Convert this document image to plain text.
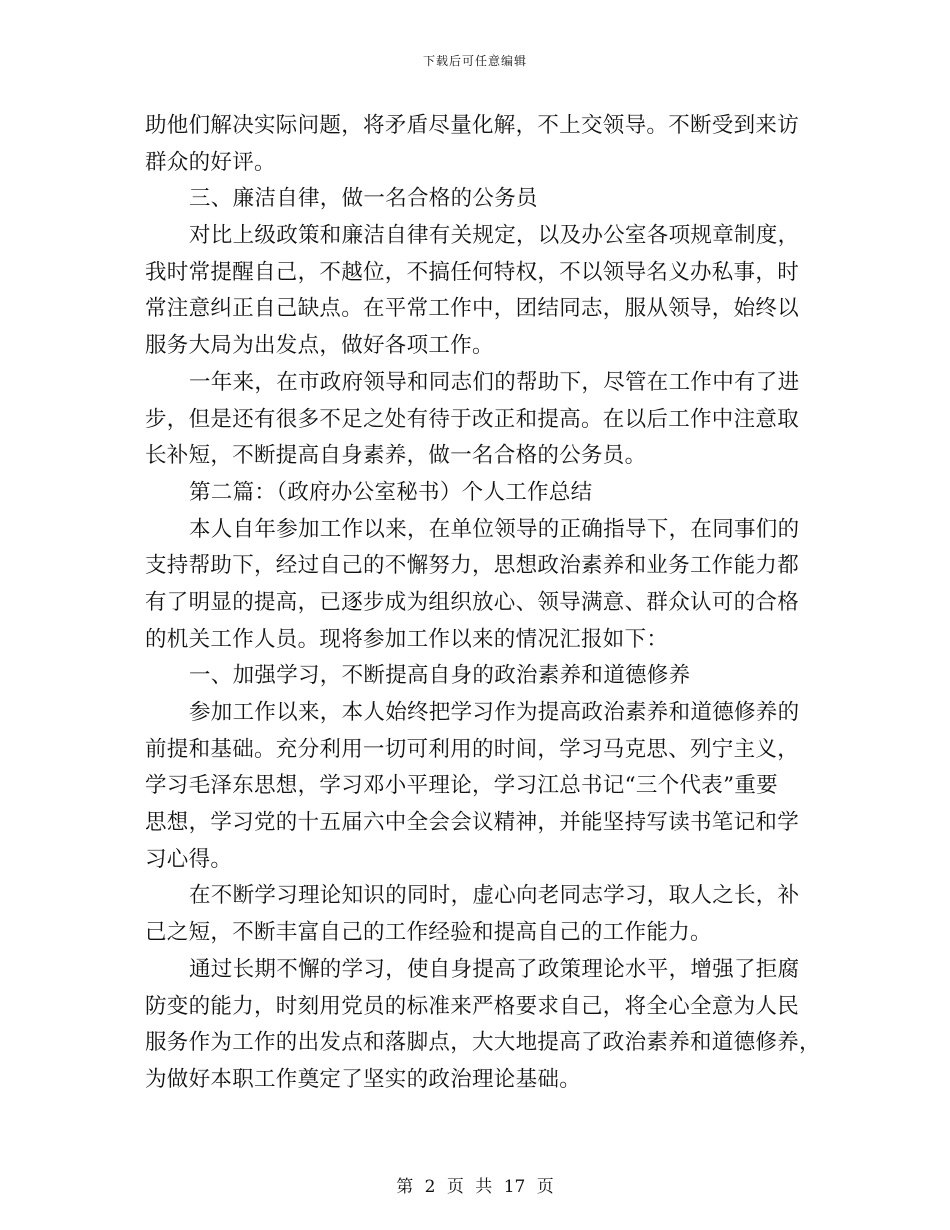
下载后可任意编辑
助他们解决实际问题，将矛盾尽量化解，不上交领导。不断受到来访
群众的好评。
三、廉洁自律，做一名合格的公务员
对比上级政策和廉洁自律有关规定，以及办公室各项规章制度，
我时常提醒自己，不越位，不搞任何特权，不以领导名义办私事，时
常注意纠正自己缺点。在平常工作中，团结同志，服从领导，始终以
服务大局为出发点，做好各项工作。
一年来，在市政府领导和同志们的帮助下，尽管在工作中有了进
步，但是还有很多不足之处有待于改正和提高。在以后工作中注意取
长补短，不断提高自身素养，做一名合格的公务员。
第二篇：（政府办公室秘书）个人工作总结
本人自年参加工作以来，在单位领导的正确指导下，在同事们的
支持帮助下，经过自己的不懈努力，思想政治素养和业务工作能力都
有了明显的提高，已逐步成为组织放心、领导满意、群众认可的合格
的机关工作人员。现将参加工作以来的情况汇报如下：
一、加强学习，不断提高自身的政治素养和道德修养
参加工作以来，本人始终把学习作为提高政治素养和道德修养的
前提和基础。充分利用一切可利用的时间，学习马克思、列宁主义，
学习毛泽东思想，学习邓小平理论，学习江总书记“三个代表”重要
思想，学习党的十五届六中全会会议精神，并能坚持写读书笔记和学
习心得。
在不断学习理论知识的同时，虚心向老同志学习，取人之长，补
己之短，不断丰富自己的工作经验和提高自己的工作能力。
通过长期不懈的学习，使自身提高了政策理论水平，增强了拒腐
防变的能力，时刻用党员的标准来严格要求自己，将全心全意为人民
服务作为工作的出发点和落脚点，大大地提高了政治素养和道德修养，
为做好本职工作奠定了坚实的政治理论基础。
第 2 页 共 17 页
